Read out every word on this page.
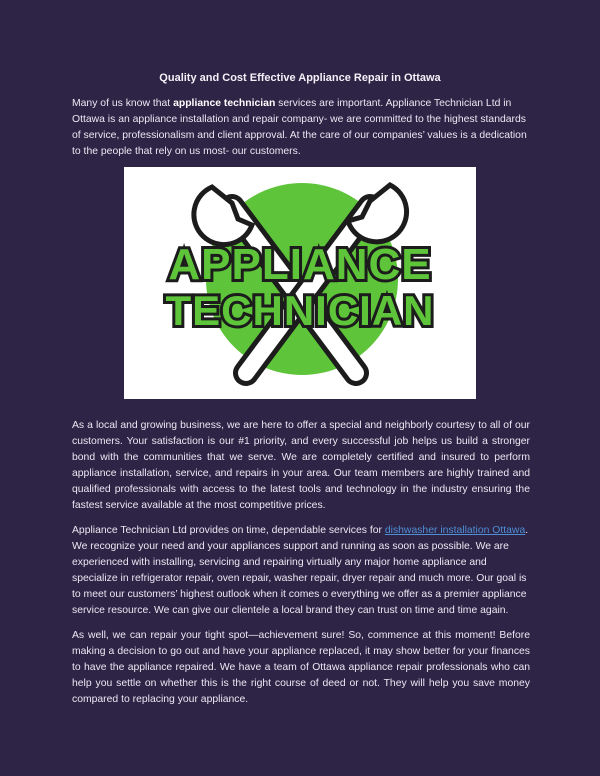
Quality and Cost Effective Appliance Repair in Ottawa

Many of us know that appliance technician services are important. Appliance Technician Ltd in Ottawa is an appliance installation and repair company- we are committed to the highest standards of service, professionalism and client approval. At the care of our companies’ values is a dedication to the people that rely on us most- our customers.

APPLIANCE
TECHNICIAN

As a local and growing business, we are here to offer a special and neighborly courtesy to all of our customers. Your satisfaction is our #1 priority, and every successful job helps us build a stronger bond with the communities that we serve. We are completely certified and insured to perform appliance installation, service, and repairs in your area. Our team members are highly trained and qualified professionals with access to the latest tools and technology in the industry ensuring the fastest service available at the most competitive prices.

Appliance Technician Ltd provides on time, dependable services for dishwasher installation Ottawa. We recognize your need and your appliances support and running as soon as possible. We are experienced with installing, servicing and repairing virtually any major home appliance and specialize in refrigerator repair, oven repair, washer repair, dryer repair and much more. Our goal is to meet our customers’ highest outlook when it comes o everything we offer as a premier appliance service resource. We can give our clientele a local brand they can trust on time and time again.

As well, we can repair your tight spot—achievement sure! So, commence at this moment! Before making a decision to go out and have your appliance replaced, it may show better for your finances to have the appliance repaired. We have a team of Ottawa appliance repair professionals who can help you settle on whether this is the right course of deed or not. They will help you save money compared to replacing your appliance.
